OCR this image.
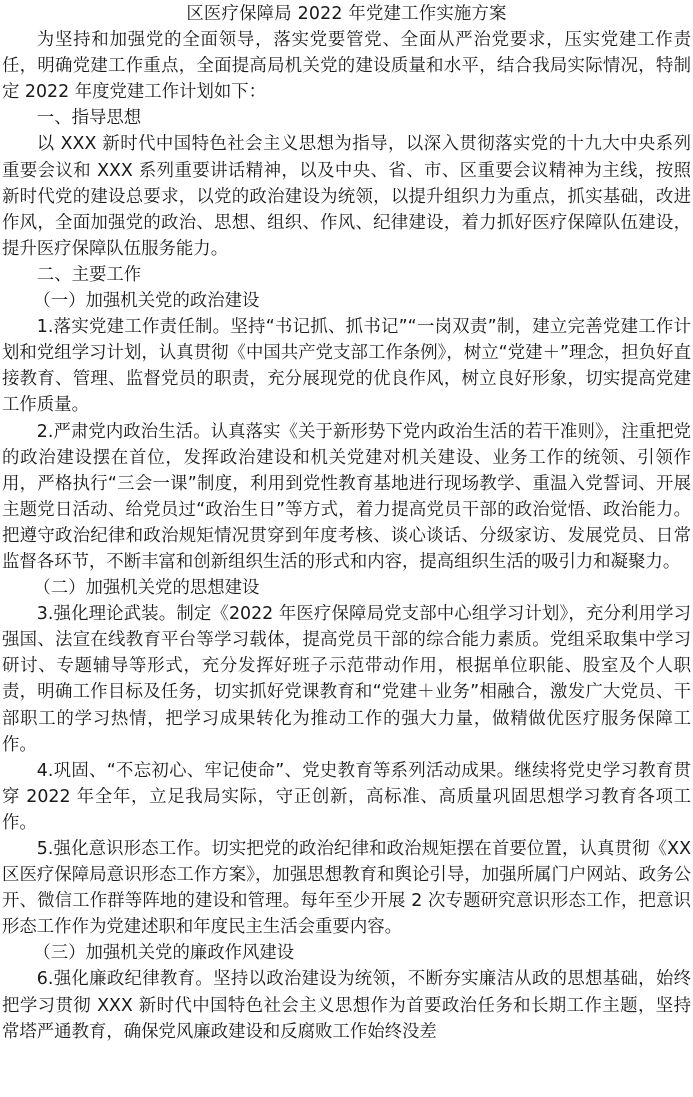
区医疗保障局 2022 年党建工作实施方案

为坚持和加强党的全面领导，落实党要管党、全面从严治党要求，压实党建工作责任，明确党建工作重点，全面提高局机关党的建设质量和水平，结合我局实际情况，特制定 2022 年度党建工作计划如下：

一、指导思想

以 XXX 新时代中国特色社会主义思想为指导，以深入贯彻落实党的十九大中央系列重要会议和 XXX 系列重要讲话精神，以及中央、省、市、区重要会议精神为主线，按照新时代党的建设总要求，以党的政治建设为统领，以提升组织力为重点，抓实基础，改进作风，全面加强党的政治、思想、组织、作风、纪律建设，着力抓好医疗保障队伍建设，提升医疗保障队伍服务能力。

二、主要工作

（一）加强机关党的政治建设

1.落实党建工作责任制。坚持“书记抓、抓书记”“一岗双责”制，建立完善党建工作计划和党组学习计划，认真贯彻《中国共产党支部工作条例》，树立“党建＋”理念，担负好直接教育、管理、监督党员的职责，充分展现党的优良作风，树立良好形象，切实提高党建工作质量。

2.严肃党内政治生活。认真落实《关于新形势下党内政治生活的若干准则》，注重把党的政治建设摆在首位，发挥政治建设和机关党建对机关建设、业务工作的统领、引领作用，严格执行“三会一课”制度，利用到党性教育基地进行现场教学、重温入党誓词、开展主题党日活动、给党员过“政治生日”等方式，着力提高党员干部的政治觉悟、政治能力。把遵守政治纪律和政治规矩情况贯穿到年度考核、谈心谈话、分级家访、发展党员、日常监督各环节，不断丰富和创新组织生活的形式和内容，提高组织生活的吸引力和凝聚力。

（二）加强机关党的思想建设

3.强化理论武装。制定《2022 年医疗保障局党支部中心组学习计划》，充分利用学习强国、法宣在线教育平台等学习载体，提高党员干部的综合能力素质。党组采取集中学习研讨、专题辅导等形式，充分发挥好班子示范带动作用，根据单位职能、股室及个人职责，明确工作目标及任务，切实抓好党课教育和“党建＋业务”相融合，激发广大党员、干部职工的学习热情，把学习成果转化为推动工作的强大力量，做精做优医疗服务保障工作。

4.巩固、“不忘初心、牢记使命”、党史教育等系列活动成果。继续将党史学习教育贯穿 2022 年全年，立足我局实际，守正创新，高标准、高质量巩固思想学习教育各项工作。

5.强化意识形态工作。切实把党的政治纪律和政治规矩摆在首要位置，认真贯彻《XX 区医疗保障局意识形态工作方案》，加强思想教育和舆论引导，加强所属门户网站、政务公开、微信工作群等阵地的建设和管理。每年至少开展 2 次专题研究意识形态工作，把意识形态工作作为党建述职和年度民主生活会重要内容。

（三）加强机关党的廉政作风建设

6.强化廉政纪律教育。坚持以政治建设为统领，不断夯实廉洁从政的思想基础，始终把学习贯彻 XXX 新时代中国特色社会主义思想作为首要政治任务和长期工作主题，坚持常塔严通教育，确保党风廉政建设和反腐败工作始终没差
